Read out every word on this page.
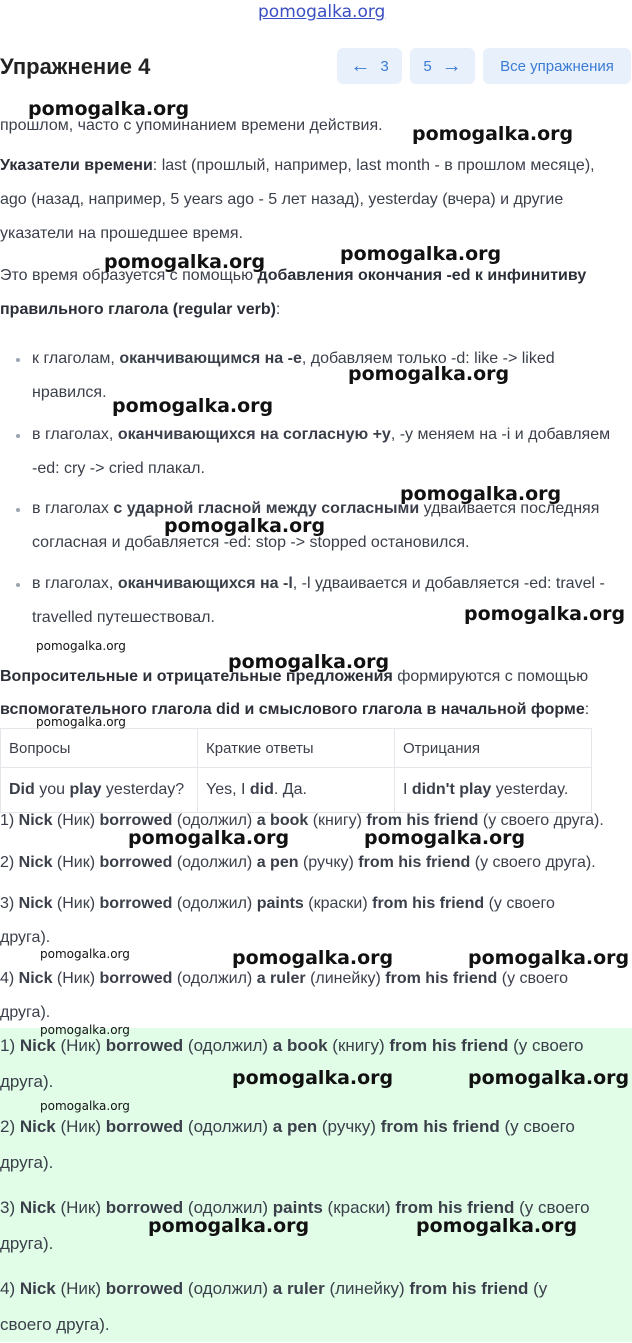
pomogalka.org
Упражнение 4	← 3 5 →	Все упражнения
прошлом, часто с упоминанием времени действия.
Указатели времени: last (прошлый, например, last month - в прошлом месяце),
ago (назад, например, 5 years ago - 5 лет назад), yesterday (вчера) и другие
указатели на прошедшее время.
Это время образуется с помощью добавления окончания -ed к инфинитиву
правильного глагола (regular verb):
к глаголам, оканчивающимся на -е, добавляем только -d: like -> liked
нравился.
в глаголах, оканчивающихся на согласную +у, -у меняем на -i и добавляем
-ed: cry -> cried плакал.
в глаголах с ударной гласной между согласными удваивается последняя
согласная и добавляется -ed: stop -> stopped остановился.
в глаголах, оканчивающихся на -l, -l удваивается и добавляется -ed: travel -
travelled путешествовал.
Вопросительные и отрицательные предложения формируются с помощью
вспомогательного глагола did и смыслового глагола в начальной форме:
Вопросы	Краткие ответы	Отрицания
Did you play yesterday?	Yes, I did. Да.	I didn't play yesterday.
1) Nick (Ник) borrowed (одолжил) a book (книгу) from his friend (у своего друга).
2) Nick (Ник) borrowed (одолжил) a pen (ручку) from his friend (у своего друга).
3) Nick (Ник) borrowed (одолжил) paints (краски) from his friend (у своего друга).
4) Nick (Ник) borrowed (одолжил) a ruler (линейку) from his friend (у своего друга).
1) Nick (Ник) borrowed (одолжил) a book (книгу) from his friend (у своего друга).
2) Nick (Ник) borrowed (одолжил) a pen (ручку) from his friend (у своего друга).
3) Nick (Ник) borrowed (одолжил) paints (краски) from his friend (у своего друга).
4) Nick (Ник) borrowed (одолжил) a ruler (линейку) from his friend (у своего друга).
pomogalka.org
pomogalka.org
pomogalka.org
pomogalka.org
pomogalka.org
pomogalka.org
pomogalka.org
pomogalka.org
pomogalka.org
pomogalka.org
pomogalka.org
pomogalka.org
pomogalka.org	pomogalka.org
pomogalka.org	pomogalka.org	pomogalka.org
pomogalka.org
pomogalka.org	pomogalka.org
pomogalka.org
pomogalka.org	pomogalka.org
